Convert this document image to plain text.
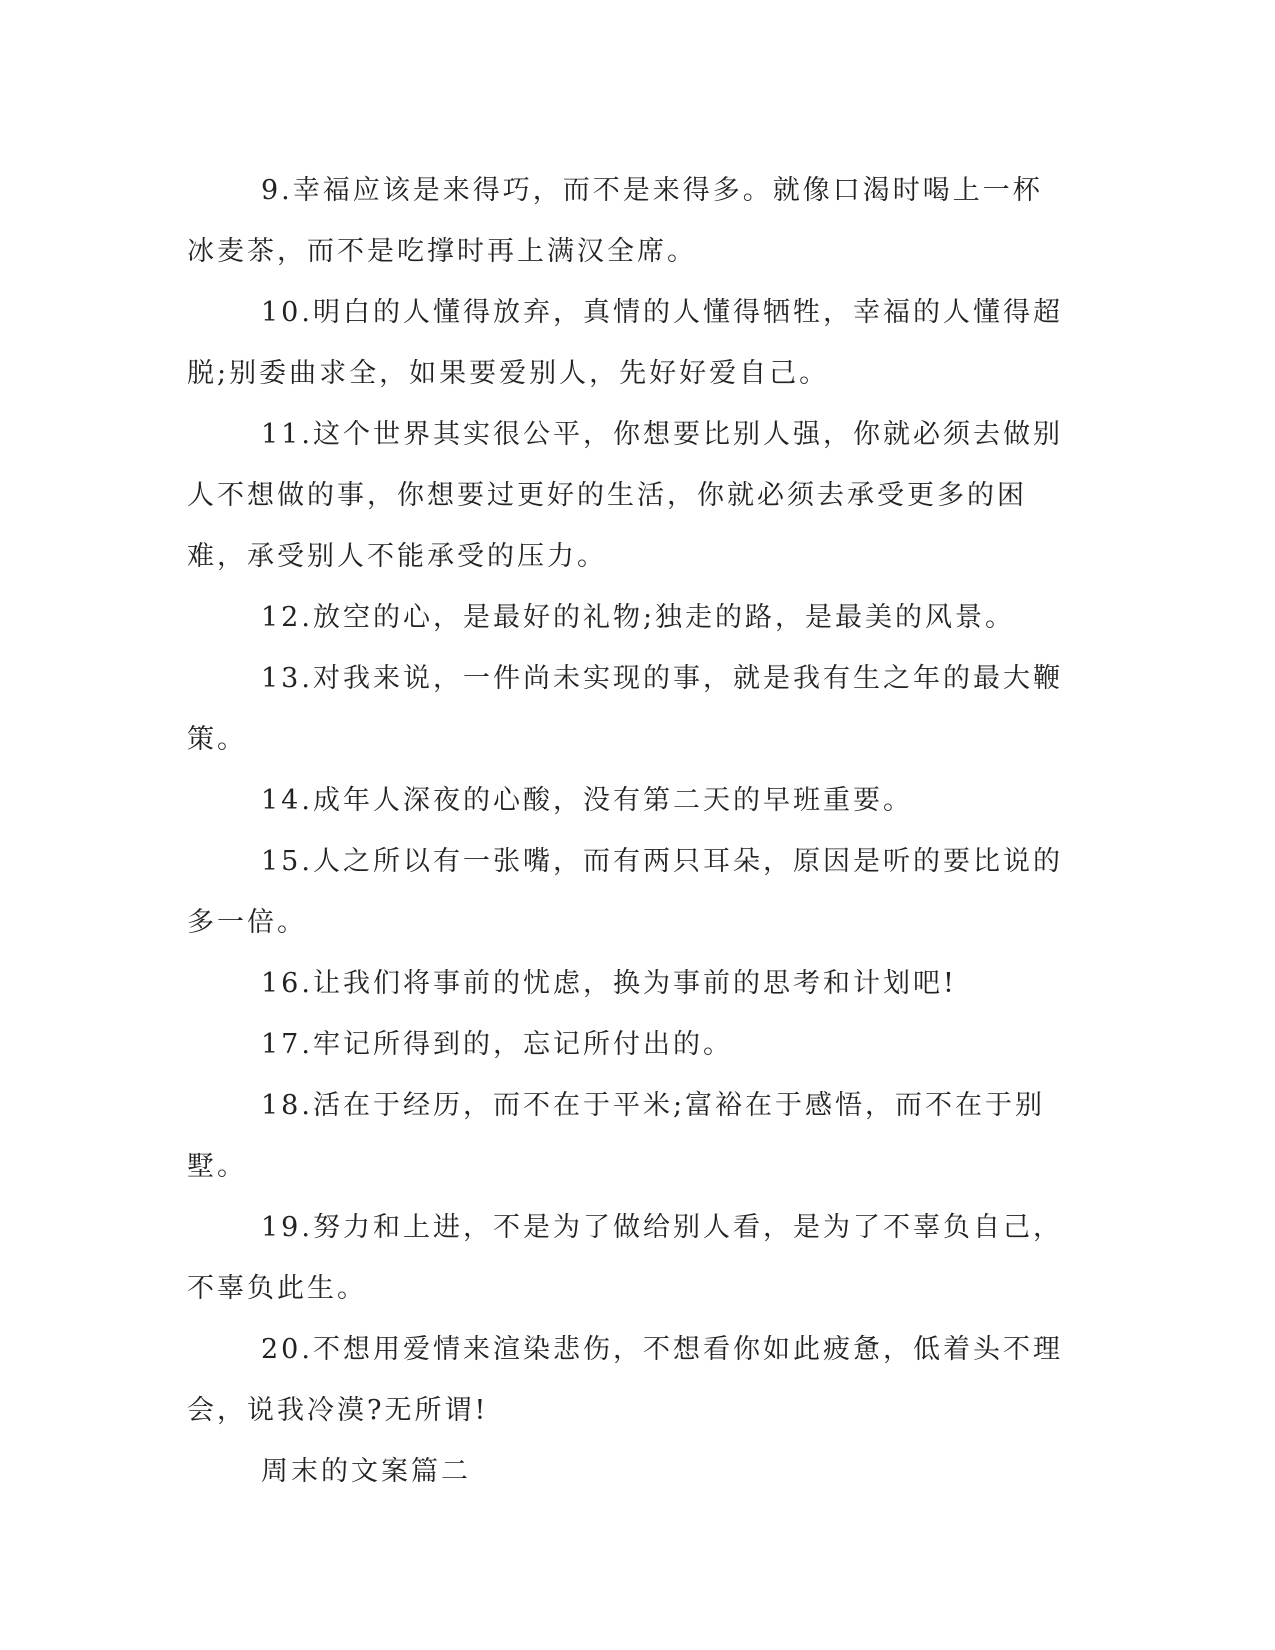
9.幸福应该是来得巧，而不是来得多。就像口渴时喝上一杯冰麦茶，而不是吃撑时再上满汉全席。

10.明白的人懂得放弃，真情的人懂得牺牲，幸福的人懂得超脱;别委曲求全，如果要爱别人，先好好爱自己。

11.这个世界其实很公平，你想要比别人强，你就必须去做别人不想做的事，你想要过更好的生活，你就必须去承受更多的困难，承受别人不能承受的压力。

12.放空的心，是最好的礼物;独走的路，是最美的风景。

13.对我来说，一件尚未实现的事，就是我有生之年的最大鞭策。

14.成年人深夜的心酸，没有第二天的早班重要。

15.人之所以有一张嘴，而有两只耳朵，原因是听的要比说的多一倍。

16.让我们将事前的忧虑，换为事前的思考和计划吧!

17.牢记所得到的，忘记所付出的。

18.活在于经历，而不在于平米;富裕在于感悟，而不在于别墅。

19.努力和上进，不是为了做给别人看，是为了不辜负自己，不辜负此生。

20.不想用爱情来渲染悲伤，不想看你如此疲惫，低着头不理会，说我冷漠?无所谓!

周末的文案篇二
